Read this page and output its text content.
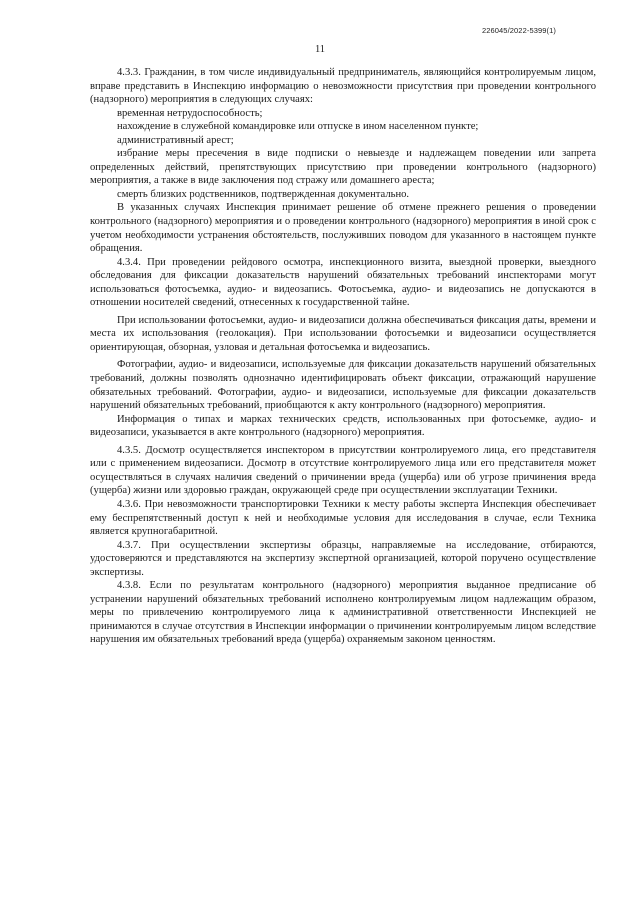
226045/2022-5399(1)
11

4.3.3. Гражданин, в том числе индивидуальный предприниматель, являющийся контролируемым лицом, вправе представить в Инспекцию информацию о невозможности присутствия при проведении контрольного (надзорного) мероприятия в следующих случаях:

временная нетрудоспособность;

нахождение в служебной командировке или отпуске в ином населенном пункте;

административный арест;

избрание меры пресечения в виде подписки о невыезде и надлежащем поведении или запрета определенных действий, препятствующих присутствию при проведении контрольного (надзорного) мероприятия, а также в виде заключения под стражу или домашнего ареста;

смерть близких родственников, подтвержденная документально.

В указанных случаях Инспекция принимает решение об отмене прежнего решения о проведении контрольного (надзорного) мероприятия и о проведении контрольного (надзорного) мероприятия в иной срок с учетом необходимости устранения обстоятельств, послуживших поводом для указанного в настоящем пункте обращения.

4.3.4. При проведении рейдового осмотра, инспекционного визита, выездной проверки, выездного обследования для фиксации доказательств нарушений обязательных требований инспекторами могут использоваться фотосъемка, аудио- и видеозапись. Фотосъемка, аудио- и видеозапись не допускаются в отношении носителей сведений, отнесенных к государственной тайне.

При использовании фотосъемки, аудио- и видеозаписи должна обеспечиваться фиксация даты, времени и места их использования (геолокация). При использовании фотосъемки и видеозаписи осуществляется ориентирующая, обзорная, узловая и детальная фотосъемка и видеозапись.

Фотографии, аудио- и видеозаписи, используемые для фиксации доказательств нарушений обязательных требований, должны позволять однозначно идентифицировать объект фиксации, отражающий нарушение обязательных требований. Фотографии, аудио- и видеозаписи, используемые для фиксации доказательств нарушений обязательных требований, приобщаются к акту контрольного (надзорного) мероприятия.

Информация о типах и марках технических средств, использованных при фотосъемке, аудио- и видеозаписи, указывается в акте контрольного (надзорного) мероприятия.

4.3.5. Досмотр осуществляется инспектором в присутствии контролируемого лица, его представителя или с применением видеозаписи. Досмотр в отсутствие контролируемого лица или его представителя может осуществляться в случаях наличия сведений о причинении вреда (ущерба) или об угрозе причинения вреда (ущерба) жизни или здоровью граждан, окружающей среде при осуществлении эксплуатации Техники.

4.3.6. При невозможности транспортировки Техники к месту работы эксперта Инспекция обеспечивает ему беспрепятственный доступ к ней и необходимые условия для исследования в случае, если Техника является крупногабаритной.

4.3.7. При осуществлении экспертизы образцы, направляемые на исследование, отбираются, удостоверяются и представляются на экспертизу экспертной организацией, которой поручено осуществление экспертизы.

4.3.8. Если по результатам контрольного (надзорного) мероприятия выданное предписание об устранении нарушений обязательных требований исполнено контролируемым лицом надлежащим образом, меры по привлечению контролируемого лица к административной ответственности Инспекцией не принимаются в случае отсутствия в Инспекции информации о причинении контролируемым лицом вследствие нарушения им обязательных требований вреда (ущерба) охраняемым законом ценностям.
